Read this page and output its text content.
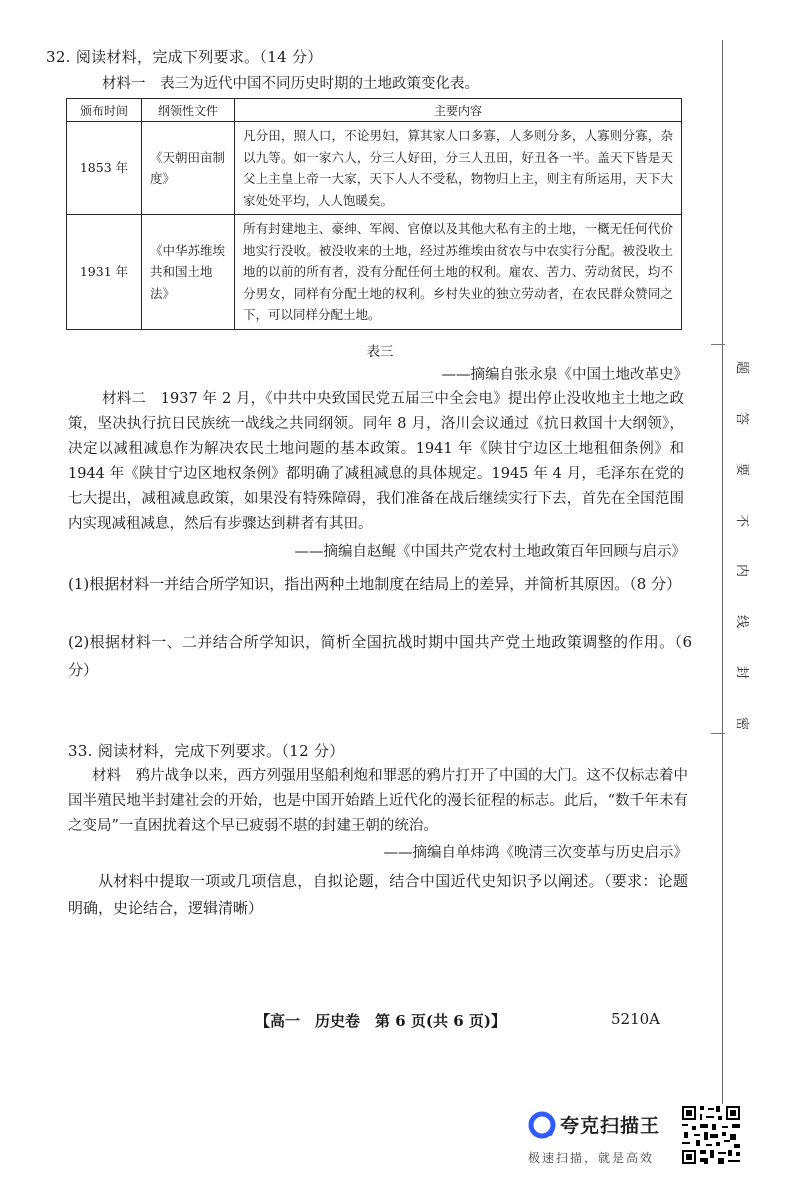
32. 阅读材料，完成下列要求。（14 分）
材料一　表三为近代中国不同历史时期的土地政策变化表。
颁布时间	纲领性文件	主要内容
1853 年	《天朝田亩制度》	凡分田，照人口，不论男妇，算其家人口多寡，人多则分多，人寡则分寡，杂以九等。如一家六人，分三人好田，分三人丑田，好丑各一半。盖天下皆是天父上主皇上帝一大家，天下人人不受私，物物归上主，则主有所运用，天下大家处处平均，人人饱暖矣。
1931 年	《中华苏维埃共和国土地法》	所有封建地主、豪绅、军阀、官僚以及其他大私有主的土地，一概无任何代价地实行没收。被没收来的土地，经过苏维埃由贫农与中农实行分配。被没收土地的以前的所有者，没有分配任何土地的权利。雇农、苦力、劳动贫民，均不分男女，同样有分配土地的权利。乡村失业的独立劳动者，在农民群众赞同之下，可以同样分配土地。
表三
——摘编自张永泉《中国土地改革史》
材料二　1937 年 2 月，《中共中央致国民党五届三中全会电》提出停止没收地主土地之政策，坚决执行抗日民族统一战线之共同纲领。同年 8 月，洛川会议通过《抗日救国十大纲领》，决定以减租减息作为解决农民土地问题的基本政策。1941 年《陕甘宁边区土地租佃条例》和 1944 年《陕甘宁边区地权条例》都明确了减租减息的具体规定。1945 年 4 月，毛泽东在党的七大提出，减租减息政策，如果没有特殊障碍，我们准备在战后继续实行下去，首先在全国范围内实现减租减息，然后有步骤达到耕者有其田。
——摘编自赵鲲《中国共产党农村土地政策百年回顾与启示》
(1)根据材料一并结合所学知识，指出两种土地制度在结局上的差异，并简析其原因。（8 分）
(2)根据材料一、二并结合所学知识，简析全国抗战时期中国共产党土地政策调整的作用。（6 分）
33. 阅读材料，完成下列要求。（12 分）
材料　鸦片战争以来，西方列强用坚船利炮和罪恶的鸦片打开了中国的大门。这不仅标志着中国半殖民地半封建社会的开始，也是中国开始踏上近代化的漫长征程的标志。此后，“数千年未有之变局”一直困扰着这个早已疲弱不堪的封建王朝的统治。
——摘编自单炜鸿《晚清三次变革与历史启示》
从材料中提取一项或几项信息，自拟论题，结合中国近代史知识予以阐述。（要求：论题明确，史论结合，逻辑清晰）
题
答
要
不
内
线
封
密
【高一　历史卷　第 6 页(共 6 页)】	5210A
夸克扫描王
极速扫描，就是高效
